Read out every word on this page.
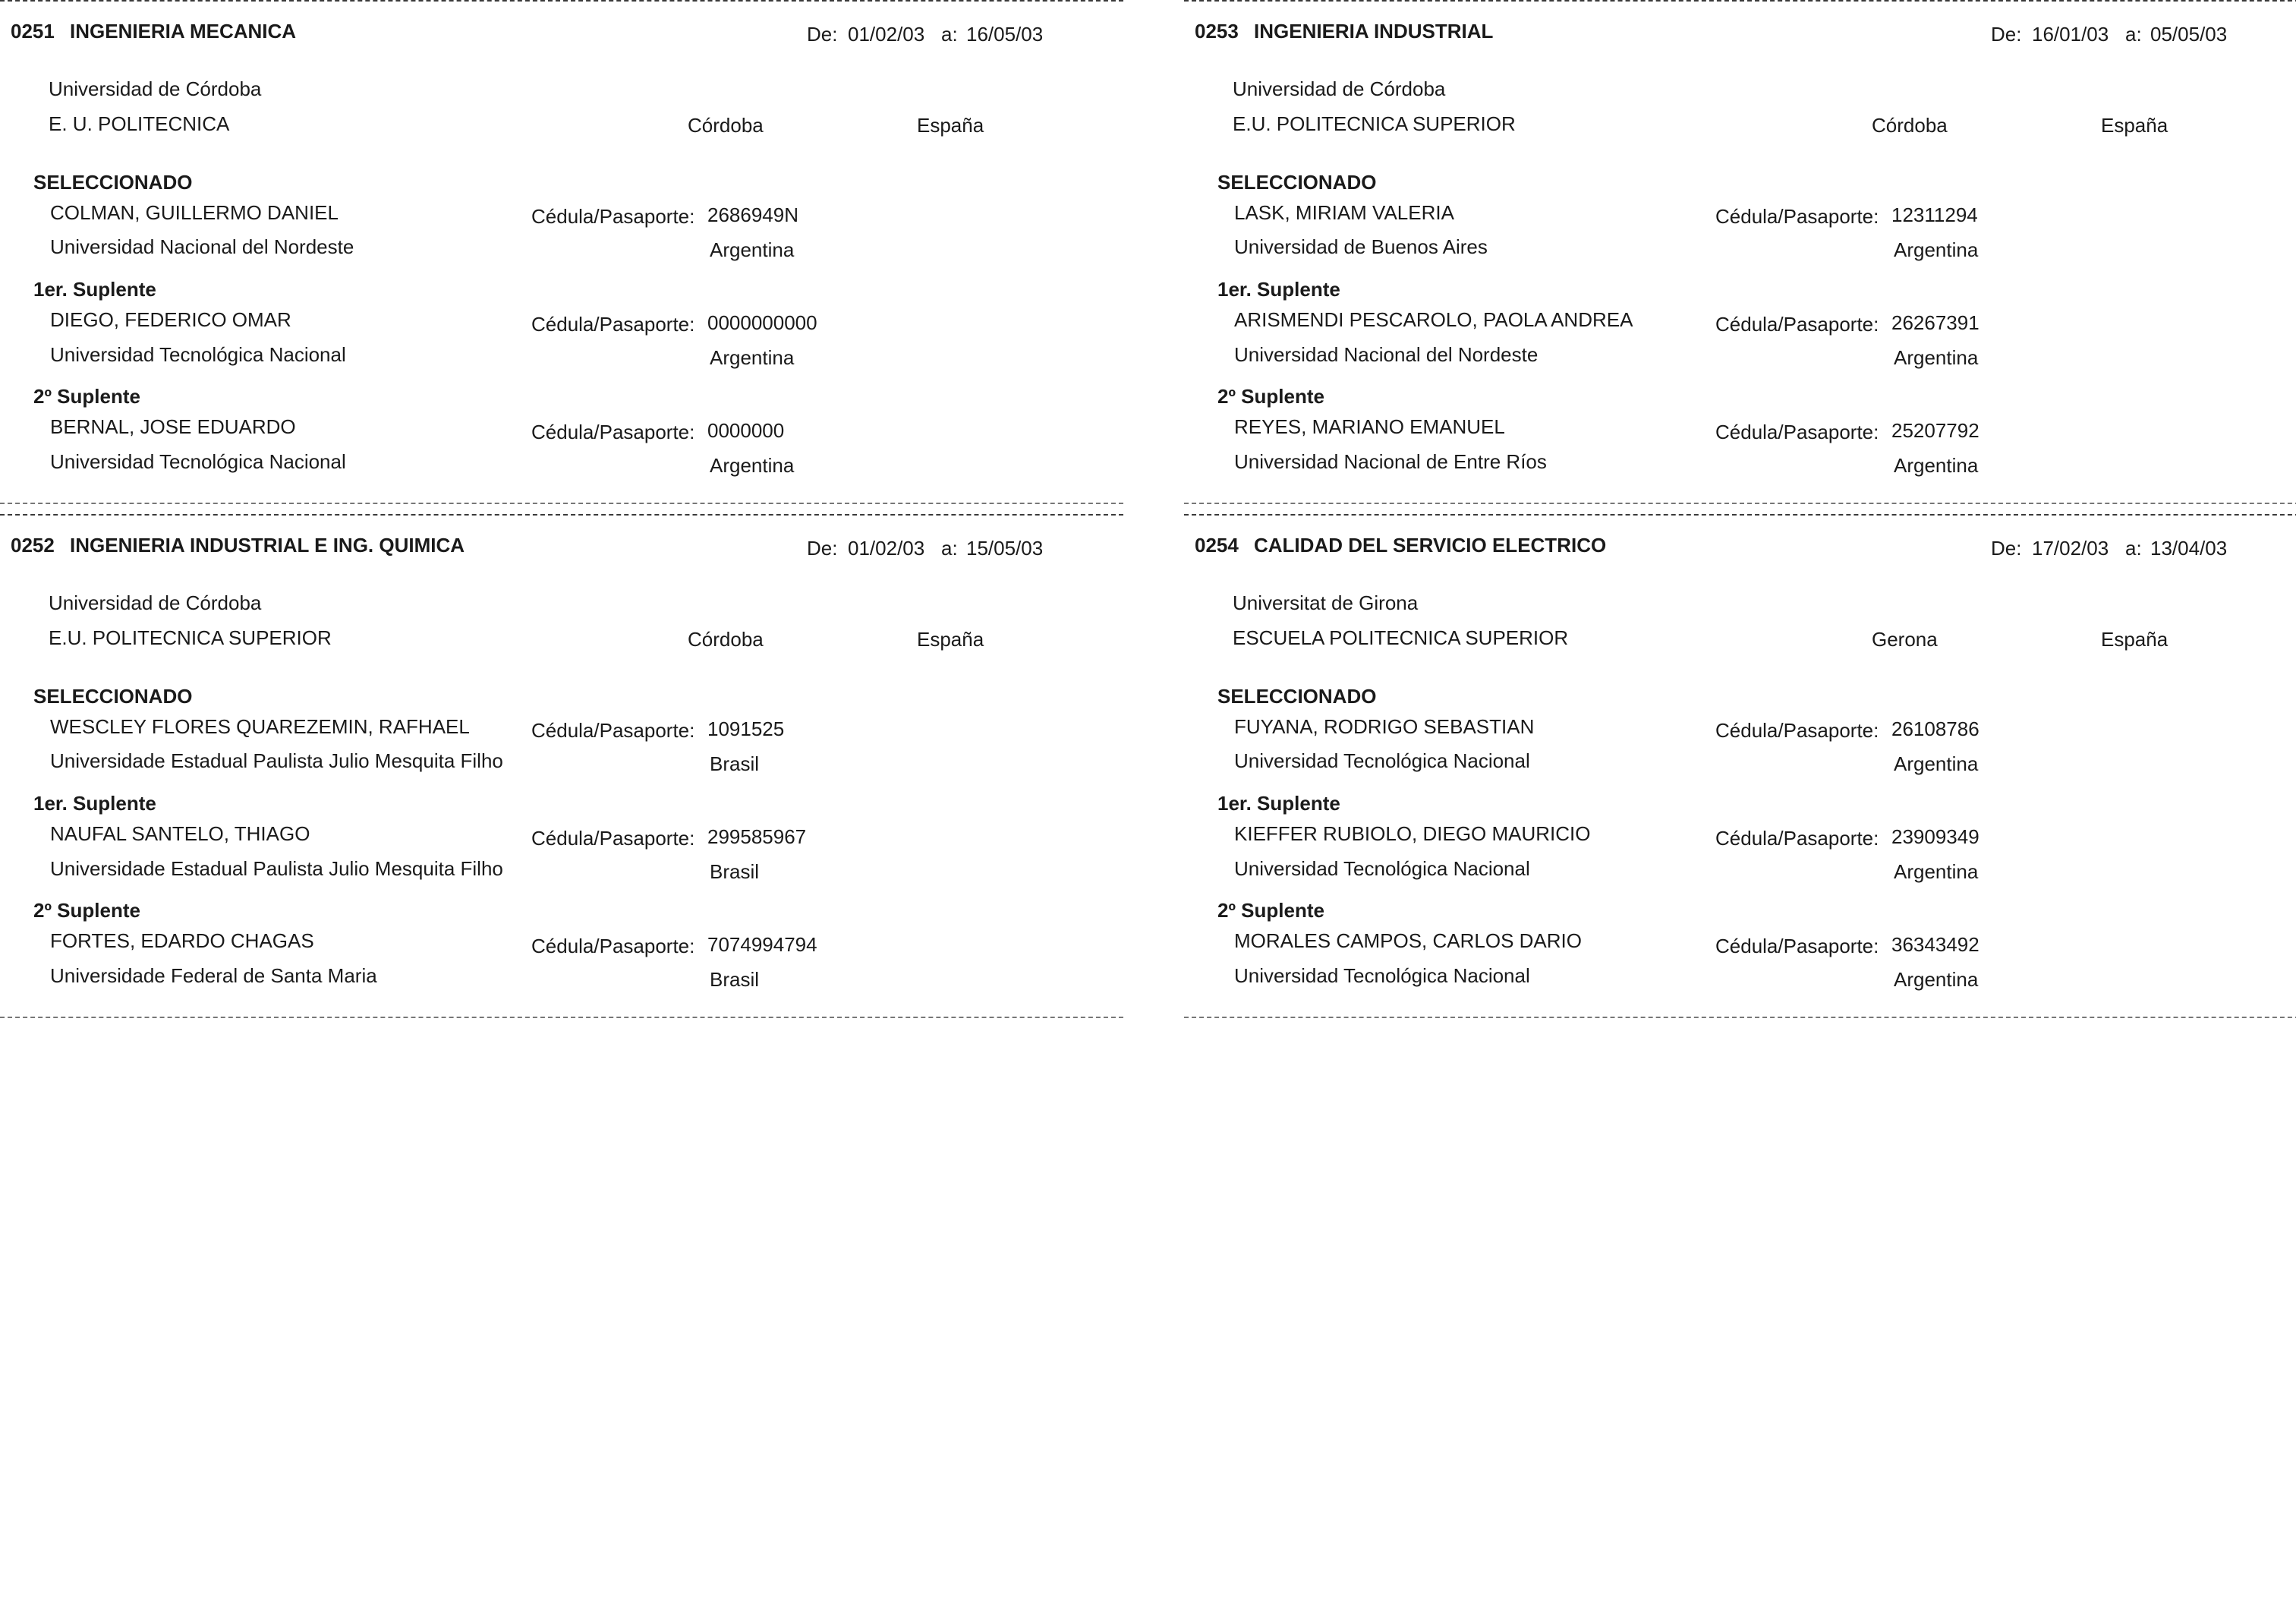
0251 INGENIERIA MECANICA	De: 01/02/03 a: 16/05/03
Universidad de Córdoba
E. U. POLITECNICA	Córdoba	España
SELECCIONADO
COLMAN, GUILLERMO DANIEL	Cédula/Pasaporte: 2686949N
Universidad Nacional del Nordeste	Argentina
1er. Suplente
DIEGO, FEDERICO OMAR	Cédula/Pasaporte: 0000000000
Universidad Tecnológica Nacional	Argentina
2º Suplente
BERNAL, JOSE EDUARDO	Cédula/Pasaporte: 0000000
Universidad Tecnológica Nacional	Argentina
0253 INGENIERIA INDUSTRIAL	De: 16/01/03 a: 05/05/03
Universidad de Córdoba
E.U. POLITECNICA SUPERIOR	Córdoba	España
SELECCIONADO
LASK, MIRIAM VALERIA	Cédula/Pasaporte: 12311294
Universidad de Buenos Aires	Argentina
1er. Suplente
ARISMENDI PESCAROLO, PAOLA ANDREA	Cédula/Pasaporte: 26267391
Universidad Nacional del Nordeste	Argentina
2º Suplente
REYES, MARIANO EMANUEL	Cédula/Pasaporte: 25207792
Universidad Nacional de Entre Ríos	Argentina
0252 INGENIERIA INDUSTRIAL E ING. QUIMICA	De: 01/02/03 a: 15/05/03
Universidad de Córdoba
E.U. POLITECNICA SUPERIOR	Córdoba	España
SELECCIONADO
WESCLEY FLORES QUAREZEMIN, RAFHAEL	Cédula/Pasaporte: 1091525
Universidade Estadual Paulista Julio Mesquita Filho	Brasil
1er. Suplente
NAUFAL SANTELO, THIAGO	Cédula/Pasaporte: 299585967
Universidade Estadual Paulista Julio Mesquita Filho	Brasil
2º Suplente
FORTES, EDARDO CHAGAS	Cédula/Pasaporte: 7074994794
Universidade Federal de Santa Maria	Brasil
0254 CALIDAD DEL SERVICIO ELECTRICO	De: 17/02/03 a: 13/04/03
Universitat de Girona
ESCUELA POLITECNICA SUPERIOR	Gerona	España
SELECCIONADO
FUYANA, RODRIGO SEBASTIAN	Cédula/Pasaporte: 26108786
Universidad Tecnológica Nacional	Argentina
1er. Suplente
KIEFFER RUBIOLO, DIEGO MAURICIO	Cédula/Pasaporte: 23909349
Universidad Tecnológica Nacional	Argentina
2º Suplente
MORALES CAMPOS, CARLOS DARIO	Cédula/Pasaporte: 36343492
Universidad Tecnológica Nacional	Argentina
